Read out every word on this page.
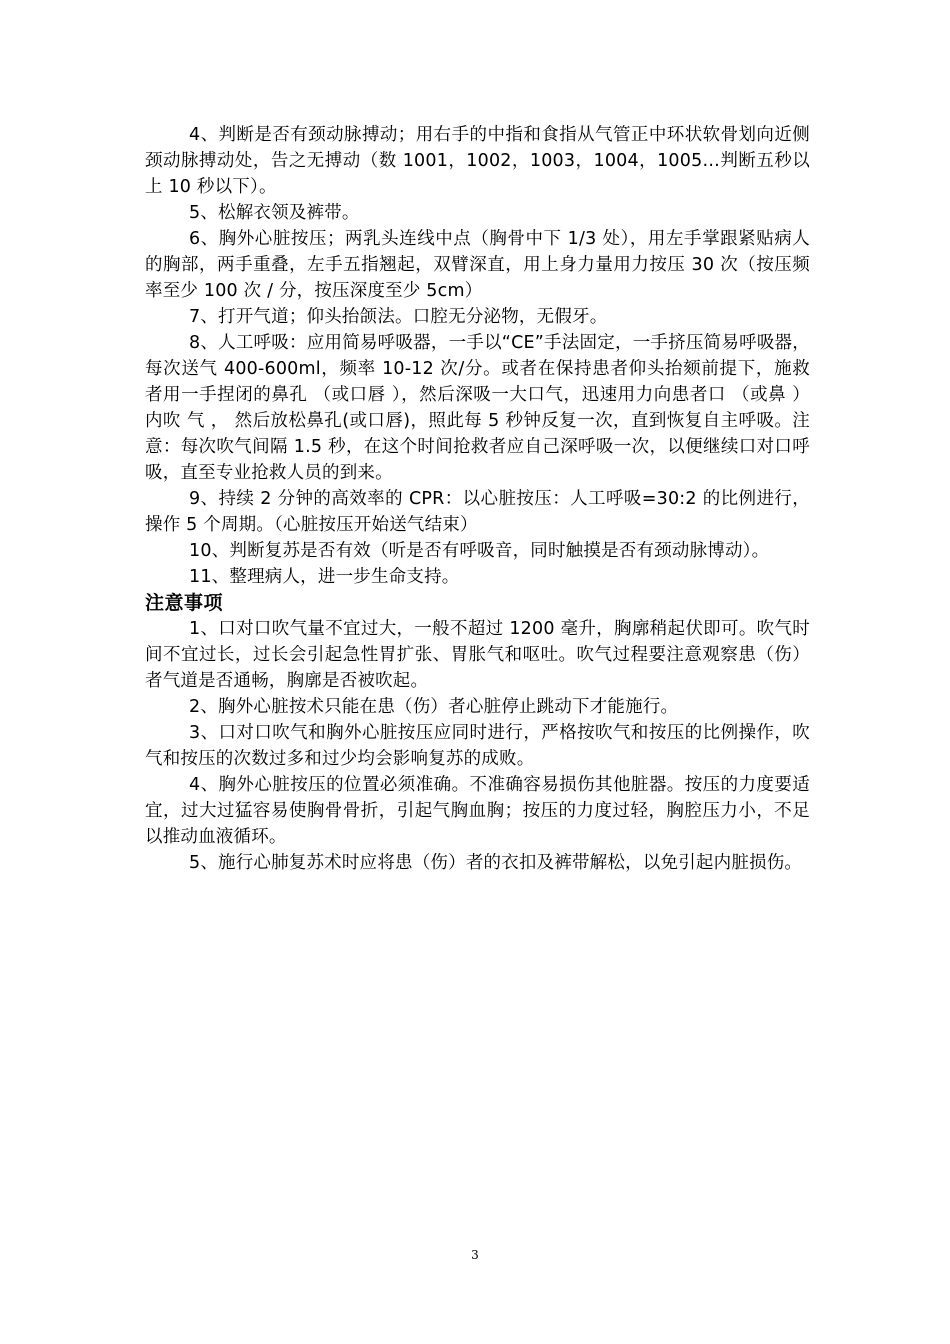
4、判断是否有颈动脉搏动；用右手的中指和食指从气管正中环状软骨划向近侧颈动脉搏动处，告之无搏动（数 1001，1002，1003，1004，1005…判断五秒以上 10 秒以下）。

5、松解衣领及裤带。

6、胸外心脏按压；两乳头连线中点（胸骨中下 1/3 处），用左手掌跟紧贴病人的胸部，两手重叠，左手五指翘起，双臂深直，用上身力量用力按压 30 次（按压频率至少 100 次 / 分，按压深度至少 5cm）

7、打开气道；仰头抬颌法。口腔无分泌物，无假牙。

8、人工呼吸：应用简易呼吸器，一手以“CE”手法固定，一手挤压简易呼吸器，每次送气 400-600ml，频率 10-12 次/分。或者在保持患者仰头抬颏前提下，施救者用一手捏闭的鼻孔 （或口唇 ），然后深吸一大口气，迅速用力向患者口 （或鼻 ）内吹 气 ， 然后放松鼻孔(或口唇)，照此每 5 秒钟反复一次，直到恢复自主呼吸。注意：每次吹气间隔 1.5 秒，在这个时间抢救者应自己深呼吸一次，以便继续口对口呼吸，直至专业抢救人员的到来。

9、持续 2 分钟的高效率的 CPR：以心脏按压：人工呼吸=30:2 的比例进行，操作 5 个周期。（心脏按压开始送气结束）

10、判断复苏是否有效（听是否有呼吸音，同时触摸是否有颈动脉博动）。

11、整理病人，进一步生命支持。

注意事项

1、口对口吹气量不宜过大，一般不超过 1200 毫升，胸廓稍起伏即可。吹气时间不宜过长，过长会引起急性胃扩张、胃胀气和呕吐。吹气过程要注意观察患（伤）者气道是否通畅，胸廓是否被吹起。

2、胸外心脏按术只能在患（伤）者心脏停止跳动下才能施行。

3、口对口吹气和胸外心脏按压应同时进行，严格按吹气和按压的比例操作，吹气和按压的次数过多和过少均会影响复苏的成败。

4、胸外心脏按压的位置必须准确。不准确容易损伤其他脏器。按压的力度要适宜，过大过猛容易使胸骨骨折，引起气胸血胸；按压的力度过轻，胸腔压力小，不足以推动血液循环。

5、施行心肺复苏术时应将患（伤）者的衣扣及裤带解松，以免引起内脏损伤。

3
